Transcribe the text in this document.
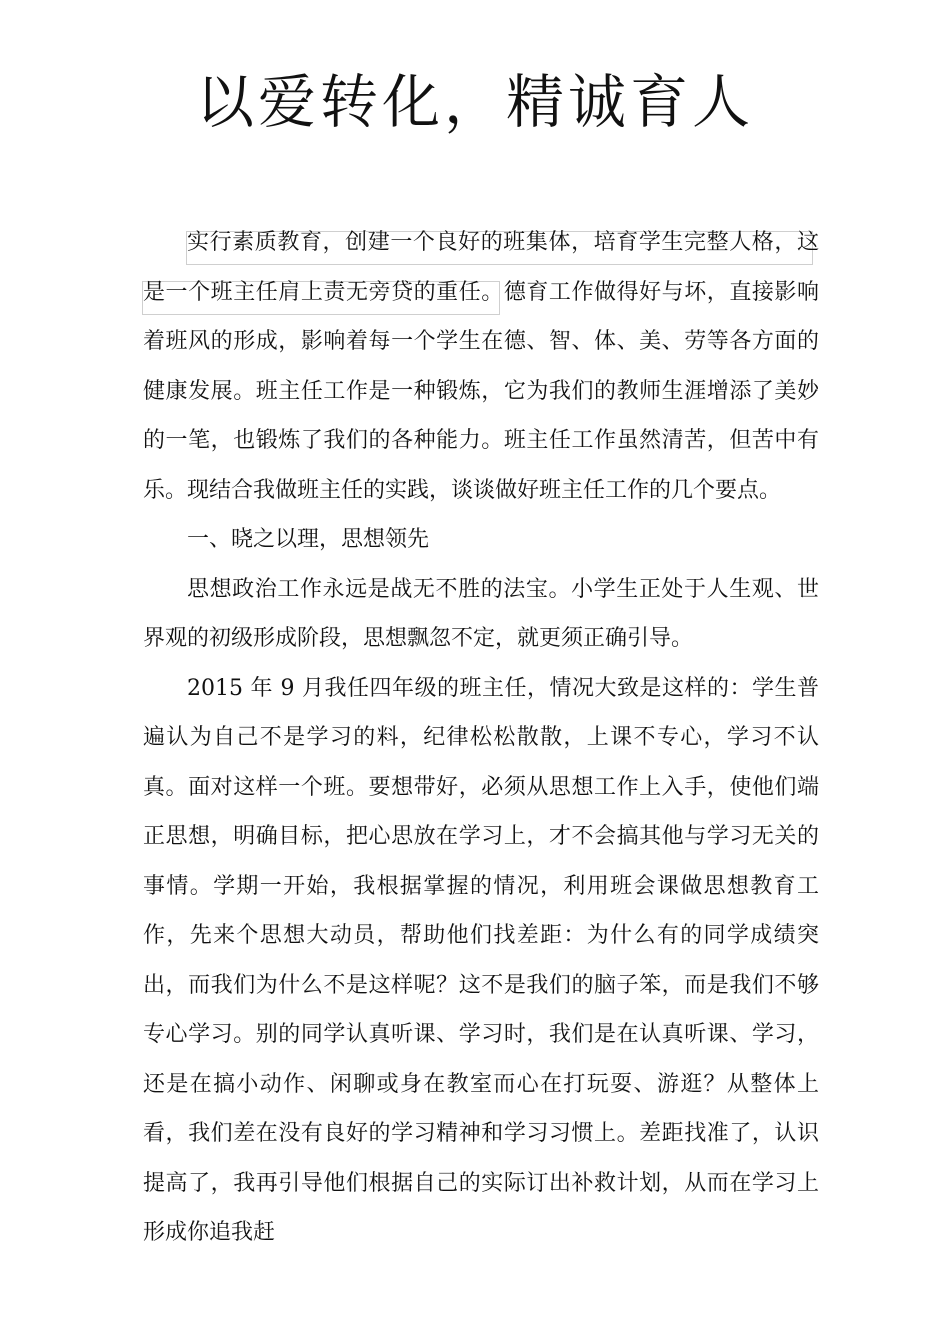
以爱转化，精诚育人

实行素质教育，创建一个良好的班集体，培育学生完整人格，这是一个班主任肩上责无旁贷的重任。德育工作做得好与坏，直接影响着班风的形成，影响着每一个学生在德、智、体、美、劳等各方面的健康发展。班主任工作是一种锻炼，它为我们的教师生涯增添了美妙的一笔，也锻炼了我们的各种能力。班主任工作虽然清苦，但苦中有乐。现结合我做班主任的实践，谈谈做好班主任工作的几个要点。

一、晓之以理，思想领先

思想政治工作永远是战无不胜的法宝。小学生正处于人生观、世界观的初级形成阶段，思想飘忽不定，就更须正确引导。

2015 年 9 月我任四年级的班主任，情况大致是这样的：学生普遍认为自己不是学习的料，纪律松松散散，上课不专心，学习不认真。面对这样一个班。要想带好，必须从思想工作上入手，使他们端正思想，明确目标，把心思放在学习上，才不会搞其他与学习无关的事情。学期一开始，我根据掌握的情况，利用班会课做思想教育工作，先来个思想大动员，帮助他们找差距：为什么有的同学成绩突出，而我们为什么不是这样呢？这不是我们的脑子笨，而是我们不够专心学习。别的同学认真听课、学习时，我们是在认真听课、学习，还是在搞小动作、闲聊或身在教室而心在打玩耍、游逛？从整体上看，我们差在没有良好的学习精神和学习习惯上。差距找准了，认识提高了，我再引导他们根据自己的实际订出补救计划，从而在学习上形成你追我赶
